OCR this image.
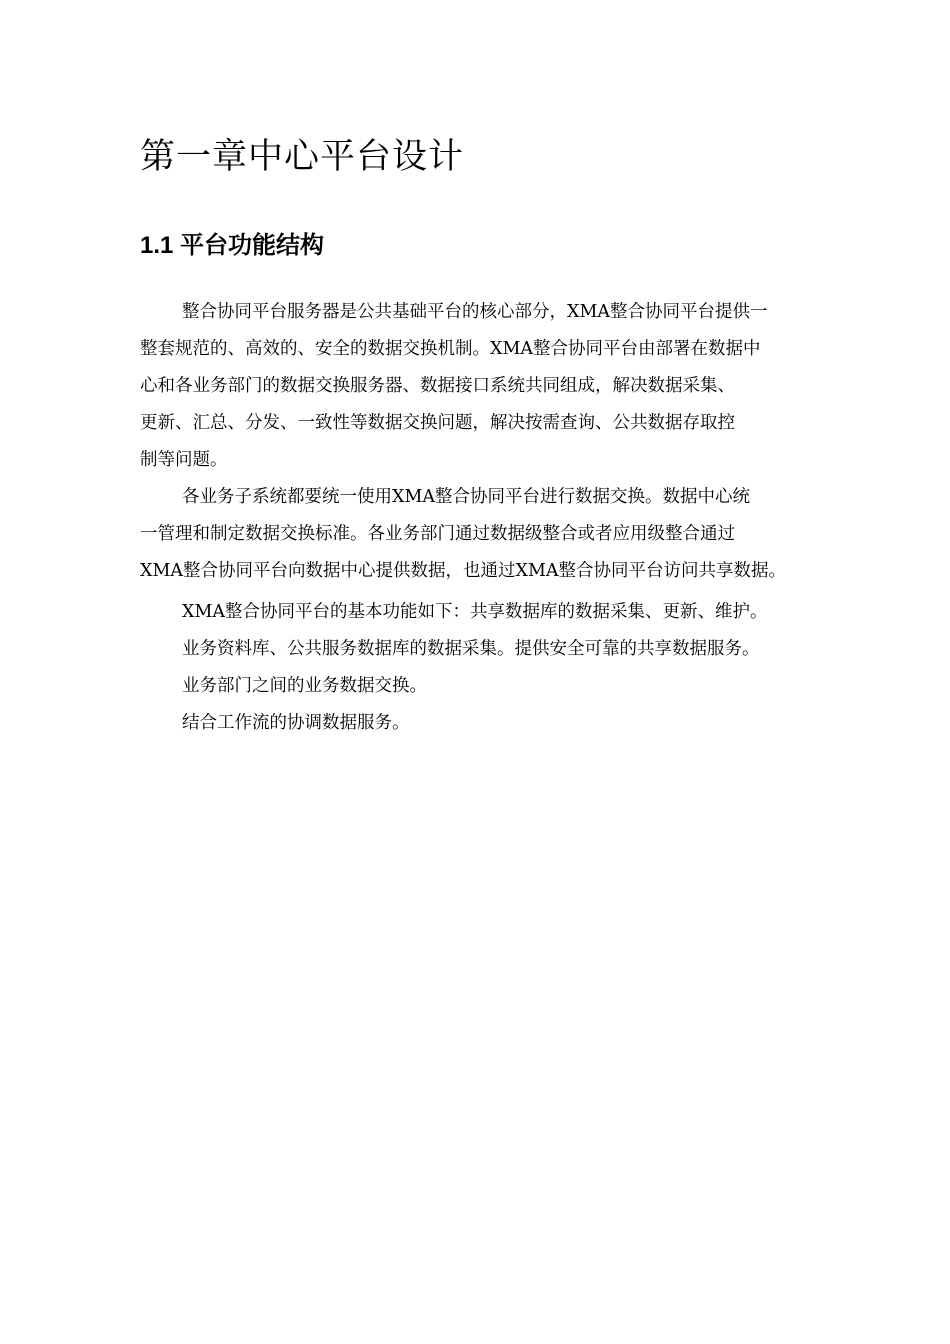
第一章中心平台设计
1.1 平台功能结构
整合协同平台服务器是公共基础平台的核心部分，XMA整合协同平台提供一
整套规范的、高效的、安全的数据交换机制。XMA整合协同平台由部署在数据中
心和各业务部门的数据交换服务器、数据接口系统共同组成，解决数据采集、
更新、汇总、分发、一致性等数据交换问题，解决按需查询、公共数据存取控
制等问题。
各业务子系统都要统一使用XMA整合协同平台进行数据交换。数据中心统
一管理和制定数据交换标准。各业务部门通过数据级整合或者应用级整合通过
XMA整合协同平台向数据中心提供数据，也通过XMA整合协同平台访问共享数据。
XMA整合协同平台的基本功能如下：共享数据库的数据采集、更新、维护。
业务资料库、公共服务数据库的数据采集。提供安全可靠的共享数据服务。
业务部门之间的业务数据交换。
结合工作流的协调数据服务。
